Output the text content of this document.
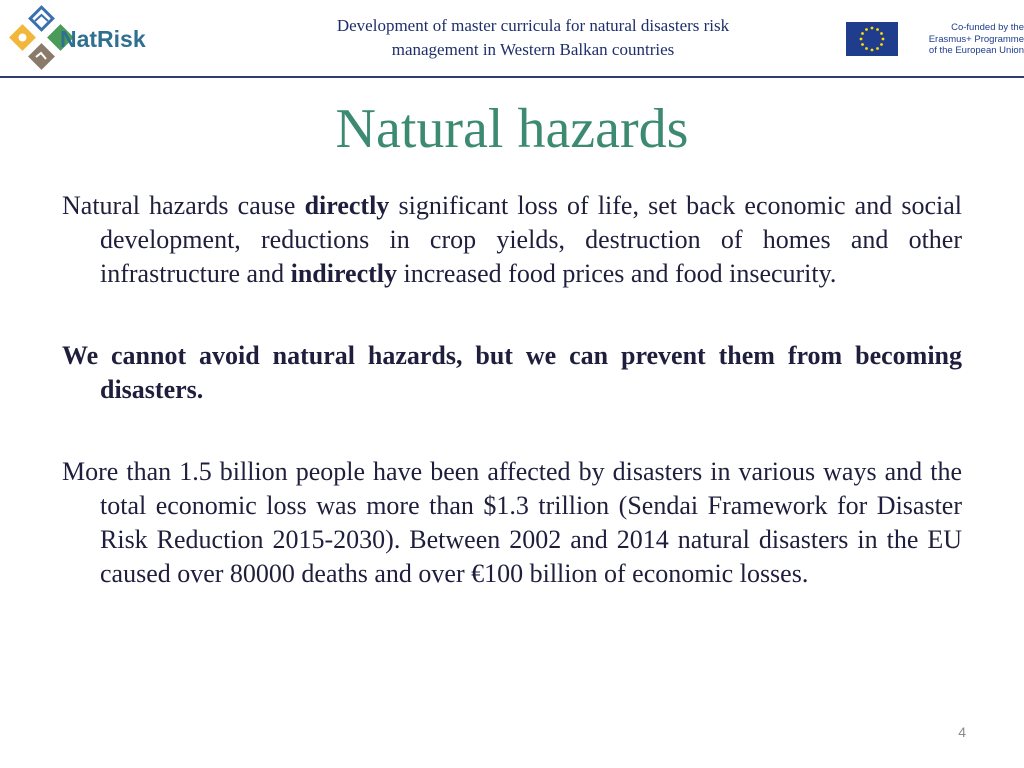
NatRisk
Development of master curricula for natural disasters risk
management in Western Balkan countries
Co-funded by the
Erasmus+ Programme
of the European Union
Natural hazards

Natural hazards cause directly significant loss of life, set back economic and social development, reductions in crop yields, destruction of homes and other infrastructure and indirectly increased food prices and food insecurity.

We cannot avoid natural hazards, but we can prevent them from becoming disasters.

More than 1.5 billion people have been affected by disasters in various ways and the total economic loss was more than $1.3 trillion (Sendai Framework for Disaster Risk Reduction 2015-2030). Between 2002 and 2014 natural disasters in the EU caused over 80000 deaths and over €100 billion of economic losses.

4
